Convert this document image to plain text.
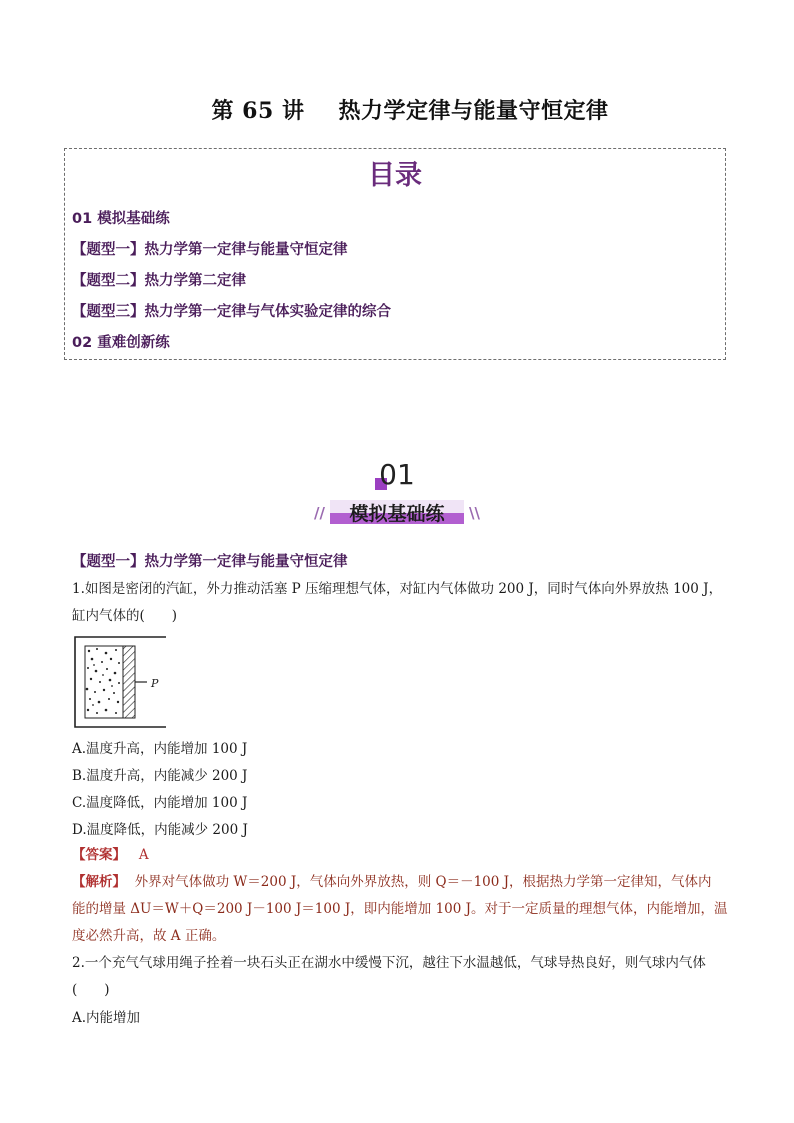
第 65 讲 热力学定律与能量守恒定律
目录
01 模拟基础练
【题型一】热力学第一定律与能量守恒定律
【题型二】热力学第二定律
【题型三】热力学第一定律与气体实验定律的综合
02 重难创新练
01
//	模拟基础练	\\
【题型一】热力学第一定律与能量守恒定律
1.如图是密闭的汽缸，外力推动活塞 P 压缩理想气体，对缸内气体做功 200 J，同时气体向外界放热 100 J，
缸内气体的(　　)
P
A.温度升高，内能增加 100 J
B.温度升高，内能减少 200 J
C.温度降低，内能增加 100 J
D.温度降低，内能减少 200 J
【答案】 A
【解析】 外界对气体做功 W＝200 J，气体向外界放热，则 Q＝－100 J，根据热力学第一定律知，气体内
能的增量 ΔU＝W＋Q＝200 J－100 J＝100 J，即内能增加 100 J。对于一定质量的理想气体，内能增加，温
度必然升高，故 A 正确。
2.一个充气气球用绳子拴着一块石头正在湖水中缓慢下沉，越往下水温越低，气球导热良好，则气球内气体
(　　)
A.内能增加
